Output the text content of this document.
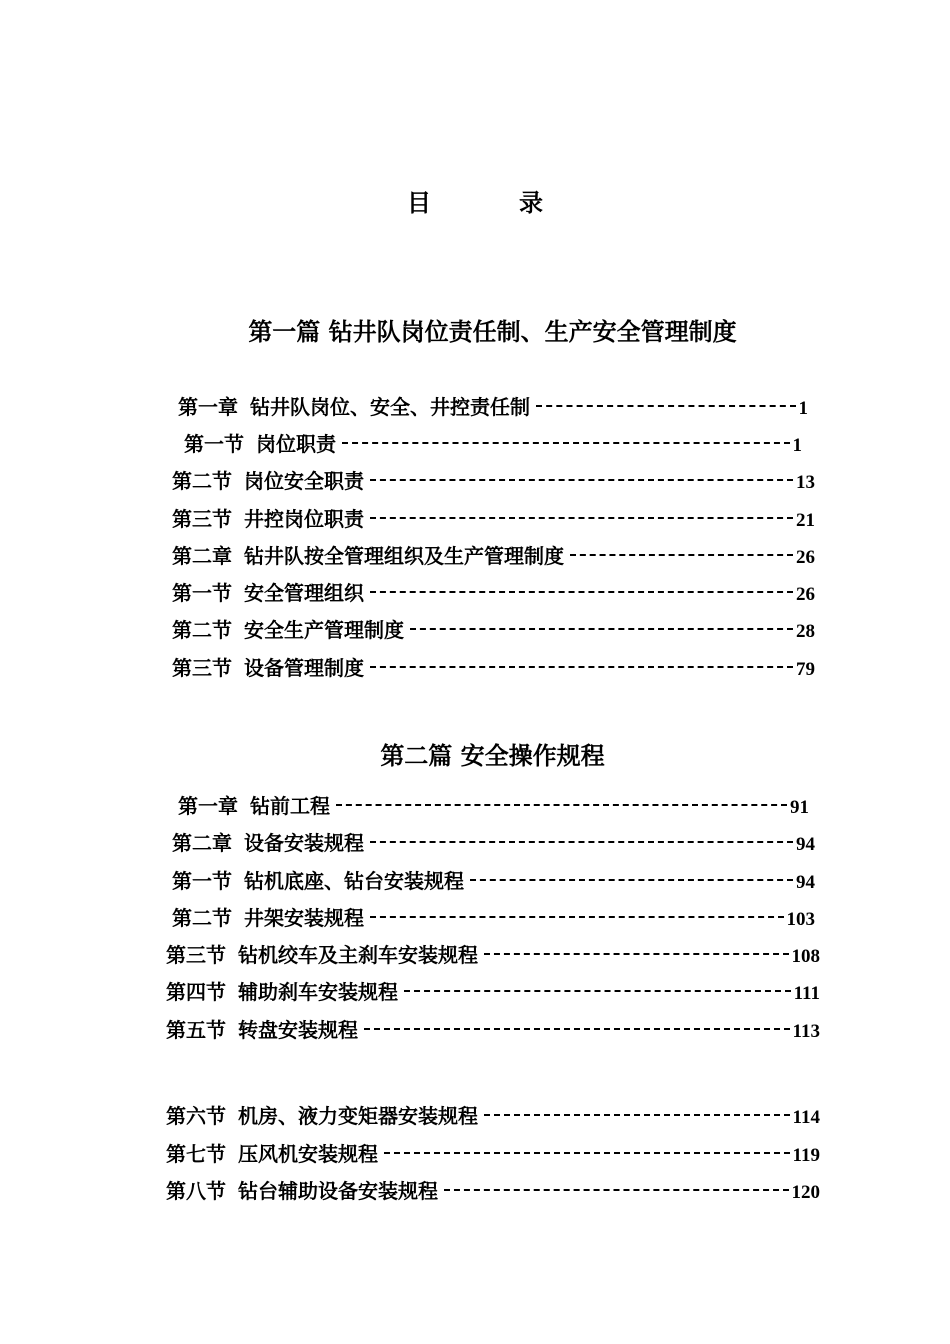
目	录
第一篇 钻井队岗位责任制、生产安全管理制度
第一章 钻井队岗位、安全、井控责任制	1
第一节 岗位职责	1
第二节 岗位安全职责	13
第三节 井控岗位职责	21
第二章 钻井队按全管理组织及生产管理制度	26
第一节 安全管理组织	26
第二节 安全生产管理制度	28
第三节 设备管理制度	79
第二篇 安全操作规程
第一章 钻前工程	91
第二章 设备安装规程	94
第一节 钻机底座、钻台安装规程	94
第二节 井架安装规程	103
第三节 钻机绞车及主刹车安装规程	108
第四节 辅助刹车安装规程	111
第五节 转盘安装规程	113
第六节 机房、液力变矩器安装规程	114
第七节 压风机安装规程	119
第八节 钻台辅助设备安装规程	120
